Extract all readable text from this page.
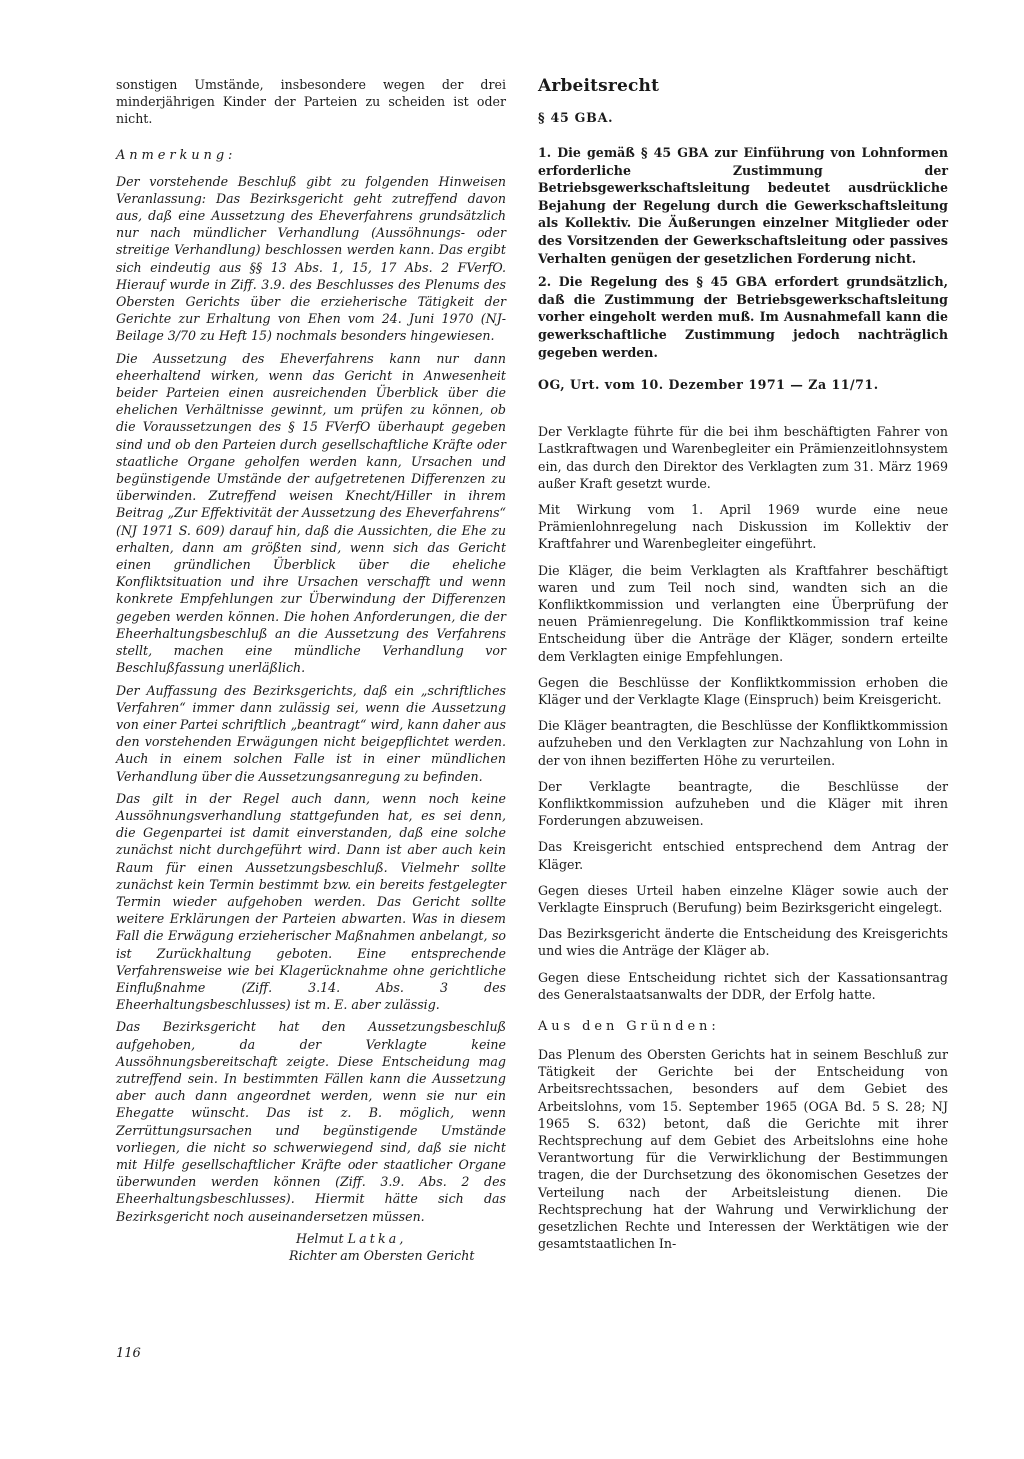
sonstigen Umstände, insbesondere wegen der drei minderjährigen Kinder der Parteien zu scheiden ist oder nicht.

Anmerkung:

Der vorstehende Beschluß gibt zu folgenden Hinweisen Veranlassung: Das Bezirksgericht geht zutreffend davon aus, daß eine Aussetzung des Eheverfahrens grundsätzlich nur nach mündlicher Verhandlung (Aussöhnungs- oder streitige Verhandlung) beschlossen werden kann. Das ergibt sich eindeutig aus §§ 13 Abs. 1, 15, 17 Abs. 2 FVerfO. Hierauf wurde in Ziff. 3.9. des Beschlusses des Plenums des Obersten Gerichts über die erzieherische Tätigkeit der Gerichte zur Erhaltung von Ehen vom 24. Juni 1970 (NJ-Beilage 3/70 zu Heft 15) nochmals besonders hingewiesen.

Die Aussetzung des Eheverfahrens kann nur dann eheerhaltend wirken, wenn das Gericht in Anwesenheit beider Parteien einen ausreichenden Überblick über die ehelichen Verhältnisse gewinnt, um prüfen zu können, ob die Voraussetzungen des § 15 FVerfO überhaupt gegeben sind und ob den Parteien durch gesellschaftliche Kräfte oder staatliche Organe geholfen werden kann, Ursachen und begünstigende Umstände der aufgetretenen Differenzen zu überwinden. Zutreffend weisen Knecht/Hiller in ihrem Beitrag „Zur Effektivität der Aussetzung des Eheverfahrens“ (NJ 1971 S. 609) darauf hin, daß die Aussichten, die Ehe zu erhalten, dann am größten sind, wenn sich das Gericht einen gründlichen Überblick über die eheliche Konfliktsituation und ihre Ursachen verschafft und wenn konkrete Empfehlungen zur Überwindung der Differenzen gegeben werden können. Die hohen Anforderungen, die der Eheerhaltungsbeschluß an die Aussetzung des Verfahrens stellt, machen eine mündliche Verhandlung vor Beschlußfassung unerläßlich.

Der Auffassung des Bezirksgerichts, daß ein „schriftliches Verfahren“ immer dann zulässig sei, wenn die Aussetzung von einer Partei schriftlich „beantragt“ wird, kann daher aus den vorstehenden Erwägungen nicht beigepflichtet werden. Auch in einem solchen Falle ist in einer mündlichen Verhandlung über die Aussetzungsanregung zu befinden.

Das gilt in der Regel auch dann, wenn noch keine Aussöhnungsverhandlung stattgefunden hat, es sei denn, die Gegenpartei ist damit einverstanden, daß eine solche zunächst nicht durchgeführt wird. Dann ist aber auch kein Raum für einen Aussetzungsbeschluß. Vielmehr sollte zunächst kein Termin bestimmt bzw. ein bereits festgelegter Termin wieder aufgehoben werden. Das Gericht sollte weitere Erklärungen der Parteien abwarten. Was in diesem Fall die Erwägung erzieherischer Maßnahmen anbelangt, so ist Zurückhaltung geboten. Eine entsprechende Verfahrensweise wie bei Klagerücknahme ohne gerichtliche Einflußnahme (Ziff. 3.14. Abs. 3 des Eheerhaltungsbeschlusses) ist m. E. aber zulässig.

Das Bezirksgericht hat den Aussetzungsbeschluß aufgehoben, da der Verklagte keine Aussöhnungsbereitschaft zeigte. Diese Entscheidung mag zutreffend sein. In bestimmten Fällen kann die Aussetzung aber auch dann angeordnet werden, wenn sie nur ein Ehegatte wünscht. Das ist z. B. möglich, wenn Zerrüttungsursachen und begünstigende Umstände vorliegen, die nicht so schwerwiegend sind, daß sie nicht mit Hilfe gesellschaftlicher Kräfte oder staatlicher Organe überwunden werden können (Ziff. 3.9. Abs. 2 des Eheerhaltungsbeschlusses). Hiermit hätte sich das Bezirksgericht noch auseinandersetzen müssen.

Helmut Latka,
Richter am Obersten Gericht
Arbeitsrecht
§ 45 GBA.

1. Die gemäß § 45 GBA zur Einführung von Lohnformen erforderliche Zustimmung der Betriebsgewerkschaftsleitung bedeutet ausdrückliche Bejahung der Regelung durch die Gewerkschaftsleitung als Kollektiv. Die Äußerungen einzelner Mitglieder oder des Vorsitzenden der Gewerkschaftsleitung oder passives Verhalten genügen der gesetzlichen Forderung nicht.

2. Die Regelung des § 45 GBA erfordert grundsätzlich, daß die Zustimmung der Betriebsgewerkschaftsleitung vorher eingeholt werden muß. Im Ausnahmefall kann die gewerkschaftliche Zustimmung jedoch nachträglich gegeben werden.

OG, Urt. vom 10. Dezember 1971 — Za 11/71.

Der Verklagte führte für die bei ihm beschäftigten Fahrer von Lastkraftwagen und Warenbegleiter ein Prämienzeitlohnsystem ein, das durch den Direktor des Verklagten zum 31. März 1969 außer Kraft gesetzt wurde.

Mit Wirkung vom 1. April 1969 wurde eine neue Prämienlohnregelung nach Diskussion im Kollektiv der Kraftfahrer und Warenbegleiter eingeführt.

Die Kläger, die beim Verklagten als Kraftfahrer beschäftigt waren und zum Teil noch sind, wandten sich an die Konfliktkommission und verlangten eine Überprüfung der neuen Prämienregelung. Die Konfliktkommission traf keine Entscheidung über die Anträge der Kläger, sondern erteilte dem Verklagten einige Empfehlungen.

Gegen die Beschlüsse der Konfliktkommission erhoben die Kläger und der Verklagte Klage (Einspruch) beim Kreisgericht.

Die Kläger beantragten, die Beschlüsse der Konfliktkommission aufzuheben und den Verklagten zur Nachzahlung von Lohn in der von ihnen bezifferten Höhe zu verurteilen.

Der Verklagte beantragte, die Beschlüsse der Konfliktkommission aufzuheben und die Kläger mit ihren Forderungen abzuweisen.

Das Kreisgericht entschied entsprechend dem Antrag der Kläger.

Gegen dieses Urteil haben einzelne Kläger sowie auch der Verklagte Einspruch (Berufung) beim Bezirksgericht eingelegt.

Das Bezirksgericht änderte die Entscheidung des Kreisgerichts und wies die Anträge der Kläger ab.

Gegen diese Entscheidung richtet sich der Kassationsantrag des Generalstaatsanwalts der DDR, der Erfolg hatte.

Aus den Gründen:

Das Plenum des Obersten Gerichts hat in seinem Beschluß zur Tätigkeit der Gerichte bei der Entscheidung von Arbeitsrechtssachen, besonders auf dem Gebiet des Arbeitslohns, vom 15. September 1965 (OGA Bd. 5 S. 28; NJ 1965 S. 632) betont, daß die Gerichte mit ihrer Rechtsprechung auf dem Gebiet des Arbeitslohns eine hohe Verantwortung für die Verwirklichung der Bestimmungen tragen, die der Durchsetzung des ökonomischen Gesetzes der Verteilung nach der Arbeitsleistung dienen. Die Rechtsprechung hat der Wahrung und Verwirklichung der gesetzlichen Rechte und Interessen der Werktätigen wie der gesamtstaatlichen In-

116
